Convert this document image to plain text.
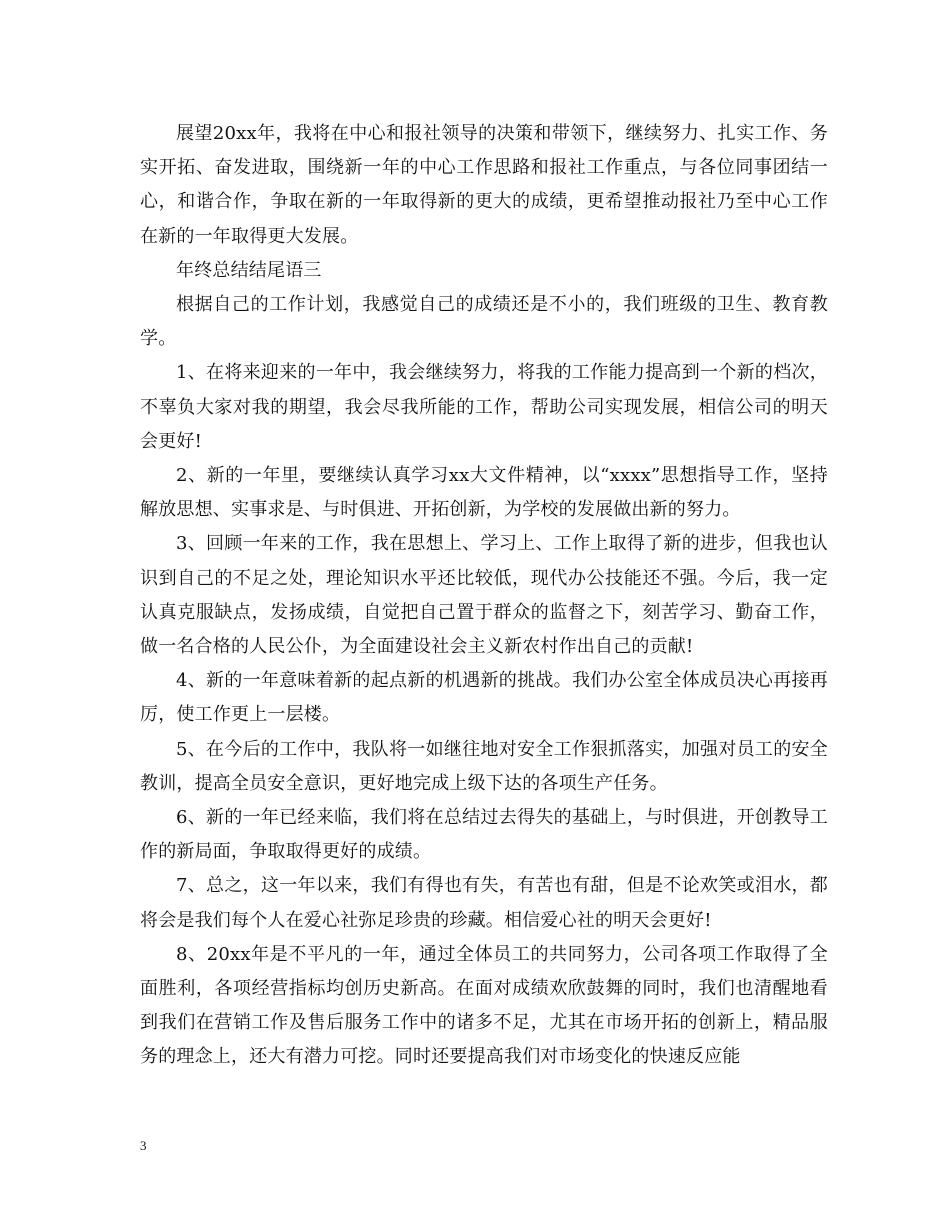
展望20xx年，我将在中心和报社领导的决策和带领下，继续努力、扎实工作、务实开拓、奋发进取，围绕新一年的中心工作思路和报社工作重点，与各位同事团结一心，和谐合作，争取在新的一年取得新的更大的成绩，更希望推动报社乃至中心工作在新的一年取得更大发展。

年终总结结尾语三

根据自己的工作计划，我感觉自己的成绩还是不小的，我们班级的卫生、教育教学。

1、在将来迎来的一年中，我会继续努力，将我的工作能力提高到一个新的档次，不辜负大家对我的期望，我会尽我所能的工作，帮助公司实现发展，相信公司的明天会更好!

2、新的一年里，要继续认真学习xx大文件精神，以“xxxx”思想指导工作，坚持解放思想、实事求是、与时俱进、开拓创新，为学校的发展做出新的努力。

3、回顾一年来的工作，我在思想上、学习上、工作上取得了新的进步，但我也认识到自己的不足之处，理论知识水平还比较低，现代办公技能还不强。今后，我一定认真克服缺点，发扬成绩，自觉把自己置于群众的监督之下，刻苦学习、勤奋工作，做一名合格的人民公仆，为全面建设社会主义新农村作出自己的贡献!

4、新的一年意味着新的起点新的机遇新的挑战。我们办公室全体成员决心再接再厉，使工作更上一层楼。

5、在今后的工作中，我队将一如继往地对安全工作狠抓落实，加强对员工的安全教训，提高全员安全意识，更好地完成上级下达的各项生产任务。

6、新的一年已经来临，我们将在总结过去得失的基础上，与时俱进，开创教导工作的新局面，争取取得更好的成绩。

7、总之，这一年以来，我们有得也有失，有苦也有甜，但是不论欢笑或泪水，都将会是我们每个人在爱心社弥足珍贵的珍藏。相信爱心社的明天会更好!

8、20xx年是不平凡的一年，通过全体员工的共同努力，公司各项工作取得了全面胜利，各项经营指标均创历史新高。在面对成绩欢欣鼓舞的同时，我们也清醒地看到我们在营销工作及售后服务工作中的诸多不足，尤其在市场开拓的创新上，精品服务的理念上，还大有潜力可挖。同时还要提高我们对市场变化的快速反应能

3
